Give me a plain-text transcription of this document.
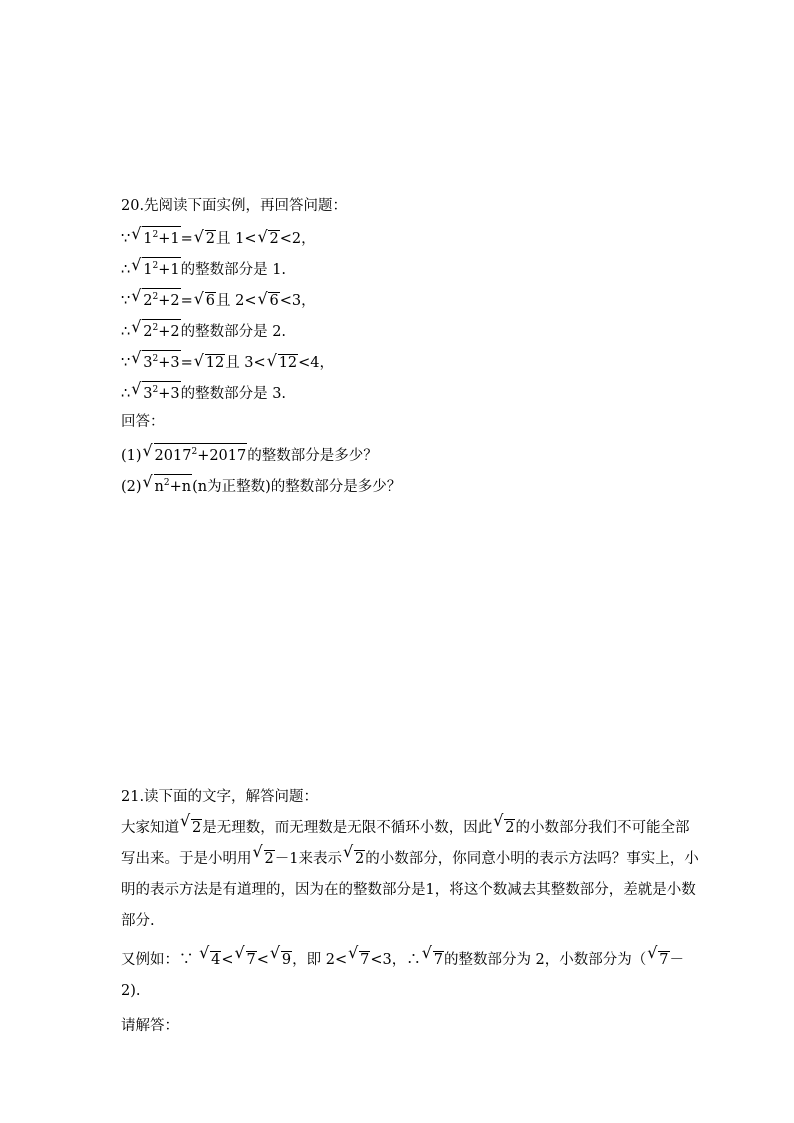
20.先阅读下面实例，再回答问题：
∵√ $1^2+1=√$ 2且 1<√ 2<2，
∴√ $1^2+1$的整数部分是 1.
∵√ $2^2+2=√$ 6且 2<√ 6<3，
∴√ $2^2+2$的整数部分是 2.
∵√ $3^2+3=√$ 12且 3<√ 12<4，
∴√ $3^2+3$的整数部分是 3.
回答：
(1)√ $2017^2+2017$的整数部分是多少？
(2)√ $n^2+n(n$为正整数)的整数部分是多少？
21.读下面的文字，解答问题：
大家知道√ 2是无理数，而无理数是无限不循环小数，因此√ 2的小数部分我们不可能全部写出来。于是小明用√ 2－1来表示√ 2的小数部分，你同意小明的表示方法吗？事实上，小明的表示方法是有道理的，因为在的整数部分是1，将这个数减去其整数部分，差就是小数部分.
又例如：∵ √ 4<√ 7<√ 9，即 2<√ 7<3，∴√ 7的整数部分为 2，小数部分为（√ 7－
2).
请解答：
